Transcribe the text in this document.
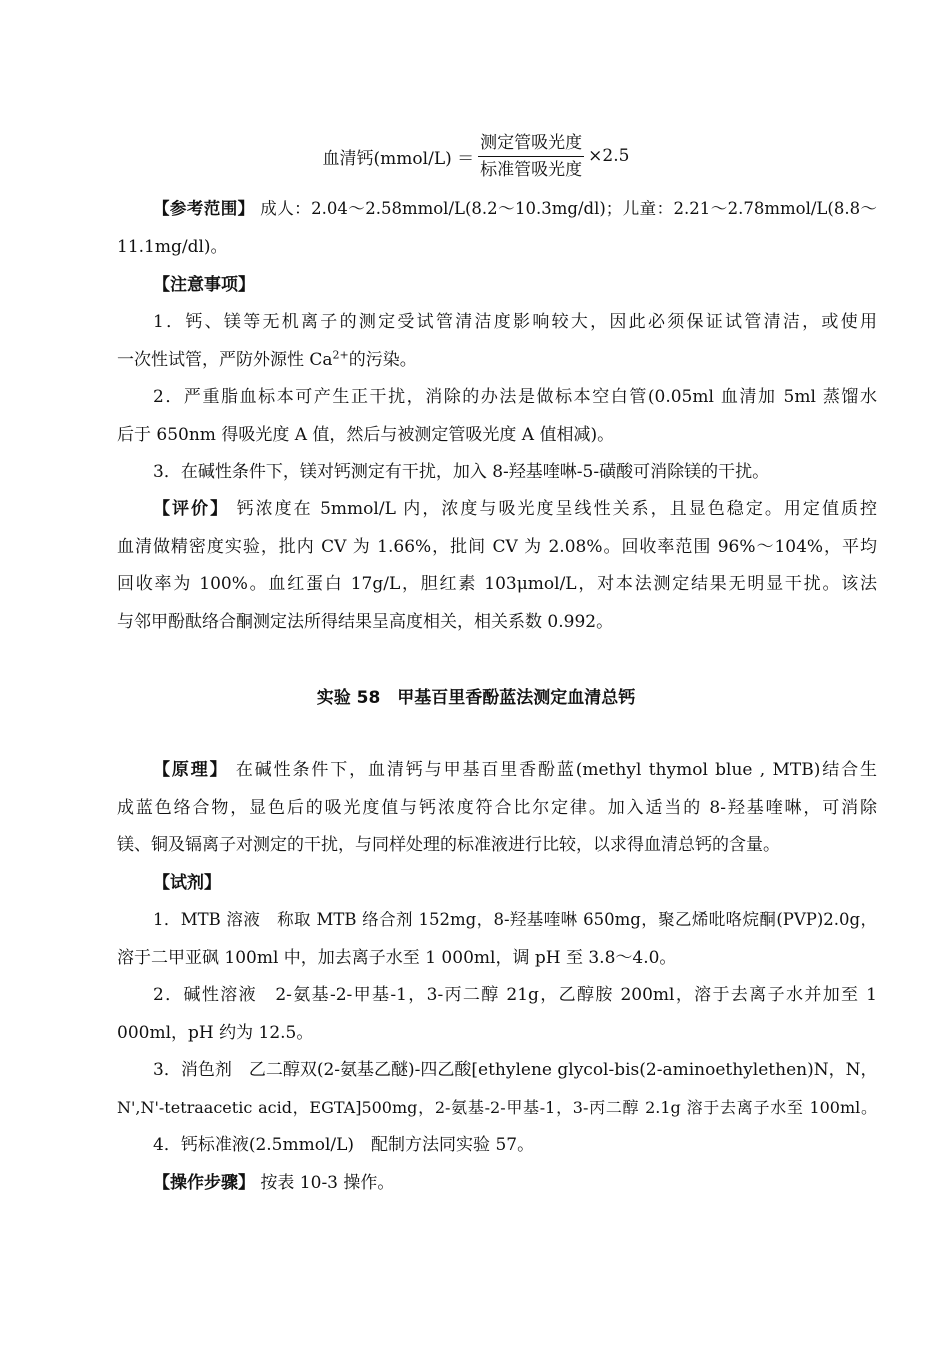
血清钙(mmol/L) ＝ $\frac{\text{测定管吸光度}}{\text{标准管吸光度}} \times 2.5$
【参考范围】 成人：2.04～2.58mmol/L(8.2～10.3mg/dl)；儿童：2.21～2.78mmol/L(8.8～
11.1mg/dl)。
【注意事项】
1．钙、镁等无机离子的测定受试管清洁度影响较大，因此必须保证试管清洁，或使用
一次性试管，严防外源性 $Ca^{2+}$的污染。
2．严重脂血标本可产生正干扰，消除的办法是做标本空白管(0.05ml 血清加 5ml 蒸馏水
后于 650nm 得吸光度 A 值，然后与被测定管吸光度 A 值相减)。
3．在碱性条件下，镁对钙测定有干扰，加入 8-羟基喹啉-5-磺酸可消除镁的干扰。
【评价】 钙浓度在 5mmol/L 内，浓度与吸光度呈线性关系，且显色稳定。用定值质控
血清做精密度实验，批内 CV 为 1.66%，批间 CV 为 2.08%。回收率范围 96%～104%，平均
回收率为 100%。血红蛋白 17g/L，胆红素 103μmol/L，对本法测定结果无明显干扰。该法
与邻甲酚酞络合酮测定法所得结果呈高度相关，相关系数 0.992。
实验 58　甲基百里香酚蓝法测定血清总钙
【原理】 在碱性条件下，血清钙与甲基百里香酚蓝(methyl thymol blue , MTB)结合生
成蓝色络合物，显色后的吸光度值与钙浓度符合比尔定律。加入适当的 8-羟基喹啉，可消除
镁、铜及镉离子对测定的干扰，与同样处理的标准液进行比较，以求得血清总钙的含量。
【试剂】
1．MTB 溶液　称取 MTB 络合剂 152mg，8-羟基喹啉 650mg，聚乙烯吡咯烷酮(PVP)2.0g，
溶于二甲亚砜 100ml 中，加去离子水至 1 000ml，调 pH 至 3.8～4.0。
2．碱性溶液　2-氨基-2-甲基-1，3-丙二醇 21g，乙醇胺 200ml，溶于去离子水并加至 1
000ml，pH 约为 12.5。
3．消色剂　乙二醇双(2-氨基乙醚)-四乙酸[ethylene glycol-bis(2-aminoethylethen)N，N，
N',N'-tetraacetic acid，EGTA]500mg，2-氨基-2-甲基-1，3-丙二醇 2.1g 溶于去离子水至 100ml。
4．钙标准液(2.5mmol/L)　配制方法同实验 57。
【操作步骤】 按表 10-3 操作。
